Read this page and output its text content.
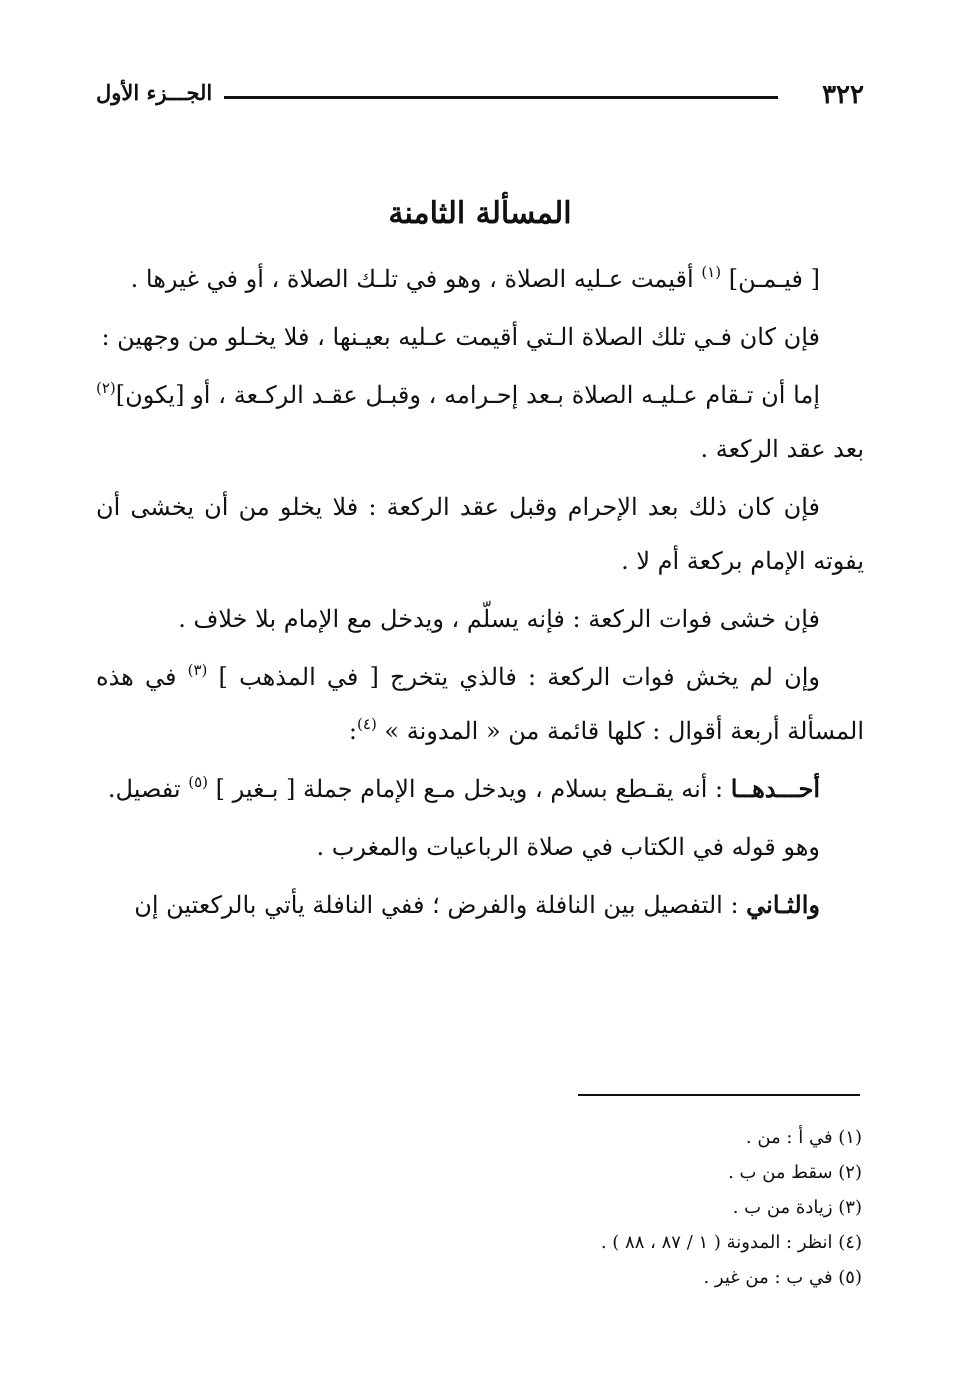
٣٢٢
الجـــزء الأول
المسألة الثامنة

[ فيـمـن] $^{(١)}$ أقيمت عـليه الصلاة ، وهو في تلـك الصلاة ، أو في غيرها .

فإن كان فـي تلك الصلاة الـتي أقيمت عـليه بعيـنها ، فلا يخـلو من وجهين :

إما أن تـقام عـليـه الصلاة بـعد إحـرامه ، وقبـل عقـد الركـعة ، أو [يكون]$^{(٢)}$ بعد عقد الركعة .

فإن كان ذلك بعد الإحرام وقبل عقد الركعة : فلا يخلو من أن يخشى أن يفوته الإمام بركعة أم لا .

فإن خشى فوات الركعة : فإنه يسلّم ، ويدخل مع الإمام بلا خلاف .

وإن لم يخش فوات الركعة : فالذي يتخرج [ في المذهب ] $^{(٣)}$ في هذه المسألة أربعة أقوال : كلها قائمة من « المدونة » $^{(٤)}$:

أحـــدهــا : أنه يقـطع بسلام ، ويدخل مـع الإمام جملة [ بـغير ] $^{(٥)}$ تفصيل.

وهو قوله في الكتاب في صلاة الرباعيات والمغرب .

والثـاني : التفصيل بين النافلة والفرض ؛ ففي النافلة يأتي بالركعتين إن

(١) في أ : من .

(٢) سقط من ب .

(٣) زيادة من ب .

(٤) انظر : المدونة ( ١ / ٨٧ ، ٨٨ ) .

(٥) في ب : من غير .
